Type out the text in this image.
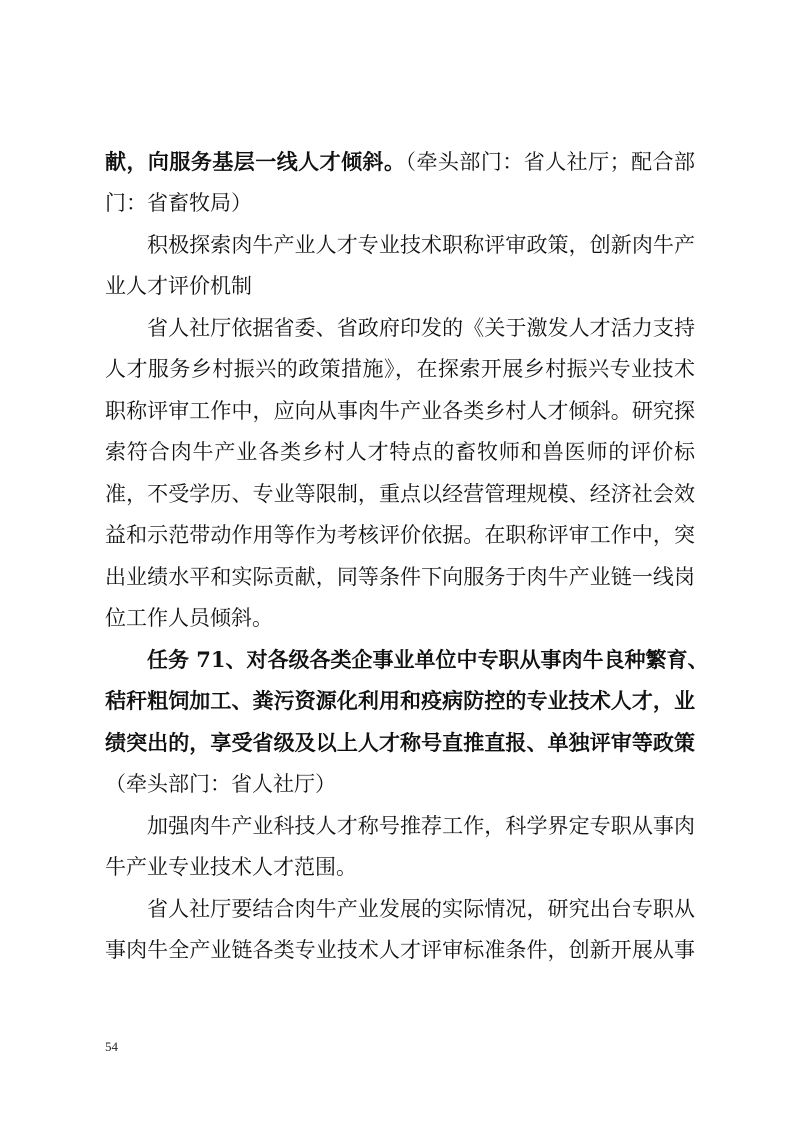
献，向服务基层一线人才倾斜。（牵头部门：省人社厅；配合部
门：省畜牧局）
积极探索肉牛产业人才专业技术职称评审政策，创新肉牛产
业人才评价机制
省人社厅依据省委、省政府印发的《关于激发人才活力支持
人才服务乡村振兴的政策措施》，在探索开展乡村振兴专业技术
职称评审工作中，应向从事肉牛产业各类乡村人才倾斜。研究探
索符合肉牛产业各类乡村人才特点的畜牧师和兽医师的评价标
准，不受学历、专业等限制，重点以经营管理规模、经济社会效
益和示范带动作用等作为考核评价依据。在职称评审工作中，突
出业绩水平和实际贡献，同等条件下向服务于肉牛产业链一线岗
位工作人员倾斜。
任务 71、对各级各类企事业单位中专职从事肉牛良种繁育、
秸秆粗饲加工、粪污资源化利用和疫病防控的专业技术人才，业
绩突出的，享受省级及以上人才称号直推直报、单独评审等政策
（牵头部门：省人社厅）
加强肉牛产业科技人才称号推荐工作，科学界定专职从事肉
牛产业专业技术人才范围。
省人社厅要结合肉牛产业发展的实际情况，研究出台专职从
事肉牛全产业链各类专业技术人才评审标准条件，创新开展从事
54
